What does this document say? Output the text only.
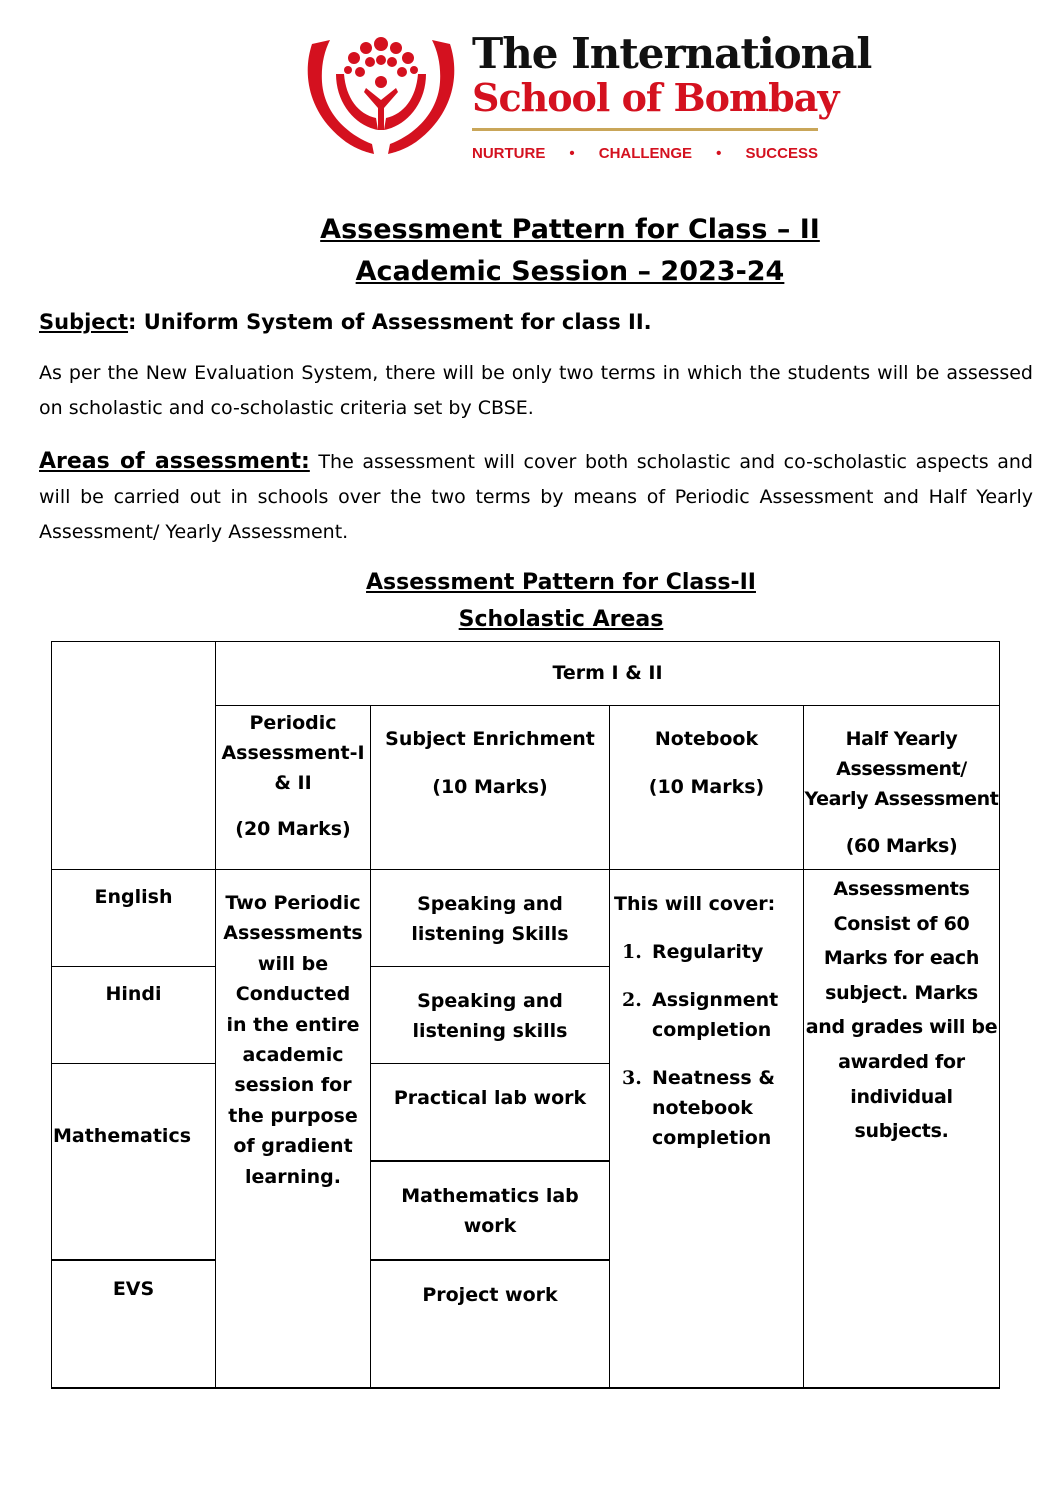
The International
School of Bombay
NURTURE • CHALLENGE • SUCCESS
Assessment Pattern for Class – II
Academic Session – 2023-24
Subject: Uniform System of Assessment for class II.
As per the New Evaluation System, there will be only two terms in which the students will be assessed on scholastic and co-scholastic criteria set by CBSE.
Areas of assessment: The assessment will cover both scholastic and co-scholastic aspects and will be carried out in schools over the two terms by means of Periodic Assessment and Half Yearly Assessment/ Yearly Assessment.
Assessment Pattern for Class-II
Scholastic Areas
Term I & II
Periodic
Assessment-I
& II
(20 Marks)
Subject Enrichment
(10 Marks)
Notebook
(10 Marks)
Half Yearly
Assessment/
Yearly Assessment
(60 Marks)
English
Hindi
Mathematics
EVS
Two Periodic
Assessments
will be
Conducted
in the entire
academic
session for
the purpose
of gradient
learning.
Speaking and
listening Skills
Speaking and
listening skills
Practical lab work
Mathematics lab
work
Project work
This will cover:
1. Regularity
2. Assignment
completion
3. Neatness &
notebook
completion
Assessments
Consist of 60
Marks for each
subject. Marks
and grades will be
awarded for
individual
subjects.
